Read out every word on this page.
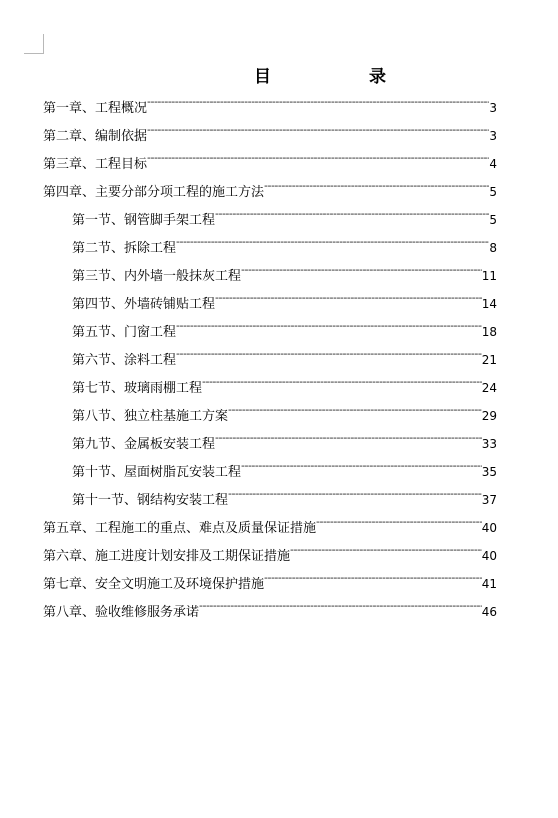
目	录
第一章、工程概况 -----	3
第二章、编制依据 -----	3
第三章、工程目标 -----	4
第四章、主要分部分项工程的施工方法 -----	5
第一节、钢管脚手架工程 -----	5
第二节、拆除工程 -----	8
第三节、内外墙一般抹灰工程 -----	11
第四节、外墙砖铺贴工程 -----	14
第五节、门窗工程 -----	18
第六节、涂料工程 -----	21
第七节、玻璃雨棚工程 -----	24
第八节、独立柱基施工方案 -----	29
第九节、金属板安装工程 -----	33
第十节、屋面树脂瓦安装工程 -----	35
第十一节、钢结构安装工程 -----	37
第五章、工程施工的重点、难点及质量保证措施 -----	40
第六章、施工进度计划安排及工期保证措施 -----	40
第七章、安全文明施工及环境保护措施 -----	41
第八章、验收维修服务承诺 -----	46
